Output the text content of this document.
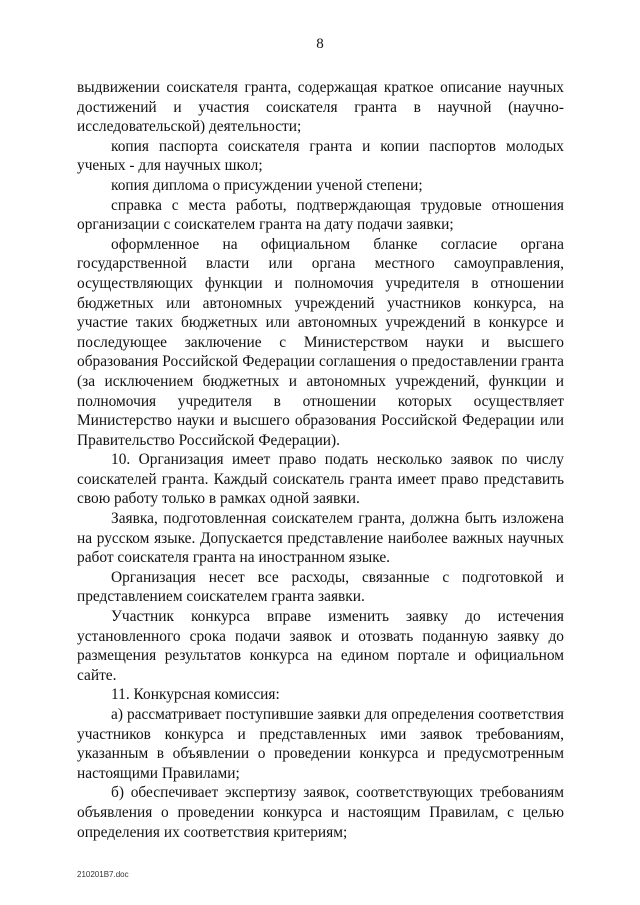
8

выдвижении соискателя гранта, содержащая краткое описание научных достижений и участия соискателя гранта в научной (научно-исследовательской) деятельности;

копия паспорта соискателя гранта и копии паспортов молодых ученых - для научных школ;

копия диплома о присуждении ученой степени;

справка с места работы, подтверждающая трудовые отношения организации с соискателем гранта на дату подачи заявки;

оформленное на официальном бланке согласие органа государственной власти или органа местного самоуправления, осуществляющих функции и полномочия учредителя в отношении бюджетных или автономных учреждений участников конкурса, на участие таких бюджетных или автономных учреждений в конкурсе и последующее заключение с Министерством науки и высшего образования Российской Федерации соглашения о предоставлении гранта (за исключением бюджетных и автономных учреждений, функции и полномочия учредителя в отношении которых осуществляет Министерство науки и высшего образования Российской Федерации или Правительство Российской Федерации).

10. Организация имеет право подать несколько заявок по числу соискателей гранта. Каждый соискатель гранта имеет право представить свою работу только в рамках одной заявки.

Заявка, подготовленная соискателем гранта, должна быть изложена на русском языке. Допускается представление наиболее важных научных работ соискателя гранта на иностранном языке.

Организация несет все расходы, связанные с подготовкой и представлением соискателем гранта заявки.

Участник конкурса вправе изменить заявку до истечения установленного срока подачи заявок и отозвать поданную заявку до размещения результатов конкурса на едином портале и официальном сайте.

11. Конкурсная комиссия:

а) рассматривает поступившие заявки для определения соответствия участников конкурса и представленных ими заявок требованиям, указанным в объявлении о проведении конкурса и предусмотренным настоящими Правилами;

б) обеспечивает экспертизу заявок, соответствующих требованиям объявления о проведении конкурса и настоящим Правилам, с целью определения их соответствия критериям;

210201В7.doc
